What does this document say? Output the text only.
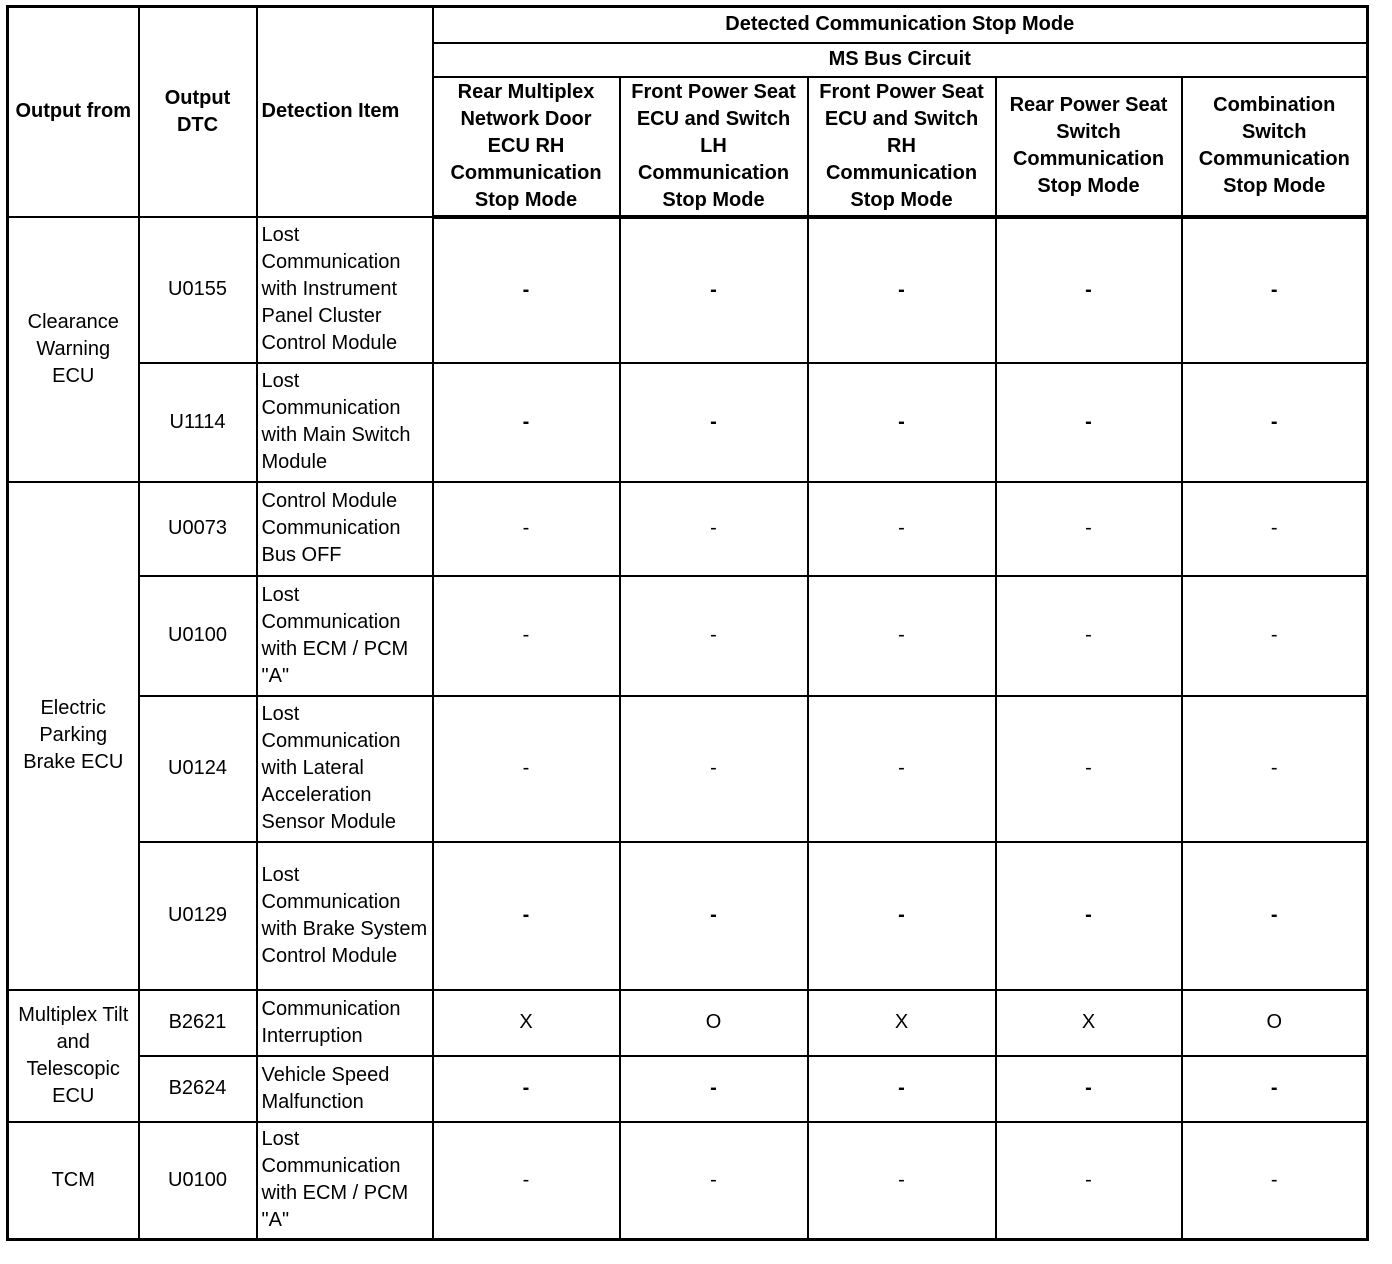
Output from	Output DTC	Detection Item	Detected Communication Stop Mode				
			MS Bus Circuit				
			Rear Multiplex Network Door ECU RH Communication Stop Mode	Front Power Seat ECU and Switch LH Communication Stop Mode	Front Power Seat ECU and Switch RH Communication Stop Mode	Rear Power Seat Switch Communication Stop Mode	Combination Switch Communication Stop Mode
Clearance Warning ECU	U0155	Lost Communication with Instrument Panel Cluster Control Module	-	-	-	-	-
	U1114	Lost Communication with Main Switch Module	-	-	-	-	-
Electric Parking Brake ECU	U0073	Control Module Communication Bus OFF	-	-	-	-	-
	U0100	Lost Communication with ECM / PCM "A"	-	-	-	-	-
	U0124	Lost Communication with Lateral Acceleration Sensor Module	-	-	-	-	-
	U0129	Lost Communication with Brake System Control Module	-	-	-	-	-
Multiplex Tilt and Telescopic ECU	B2621	Communication Interruption	X	O	X	X	O
	B2624	Vehicle Speed Malfunction	-	-	-	-	-
TCM	U0100	Lost Communication with ECM / PCM "A"	-	-	-	-	-
